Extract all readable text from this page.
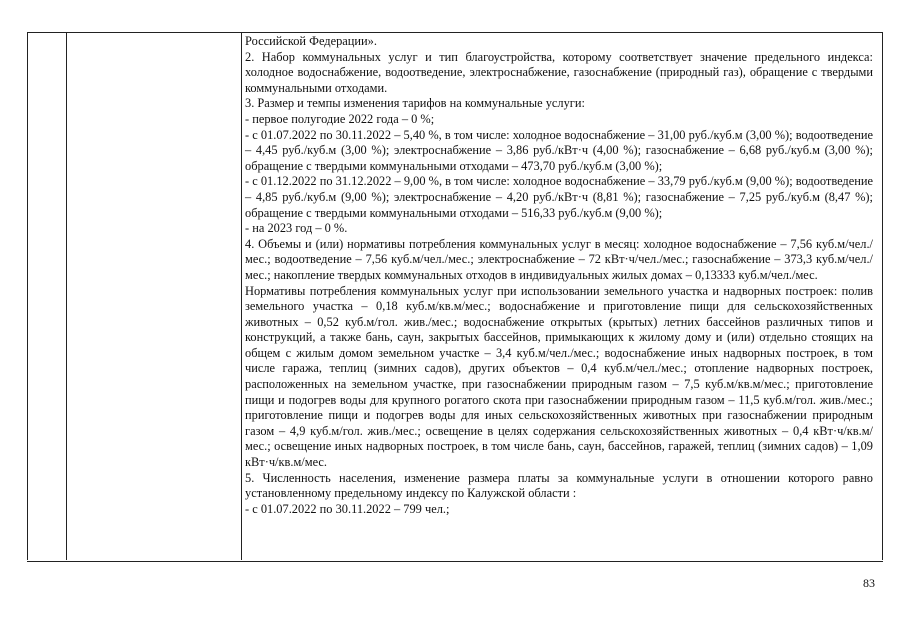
Российской Федерации».

2. Набор коммунальных услуг и тип благоустройства, которому соответствует значение предельного индекса: холодное водоснабжение, водоотведение, электроснабжение, газоснабжение (природный газ), обращение с твердыми коммунальными отходами.

3. Размер и темпы изменения тарифов на коммунальные услуги:

- первое полугодие 2022 года – 0 %;

- с 01.07.2022 по 30.11.2022 – 5,40 %, в том числе: холодное водоснабжение – 31,00 руб./куб.м (3,00 %); водоотведение – 4,45 руб./куб.м (3,00 %); электроснабжение – 3,86 руб./кВт·ч (4,00 %); газоснабжение – 6,68 руб./куб.м (3,00 %); обращение с твердыми коммунальными отходами – 473,70 руб./куб.м (3,00 %);

- с 01.12.2022 по 31.12.2022 – 9,00 %, в том числе: холодное водоснабжение – 33,79 руб./куб.м (9,00 %); водоотведение – 4,85 руб./куб.м (9,00 %); электроснабжение – 4,20 руб./кВт·ч (8,81 %); газоснабжение – 7,25 руб./куб.м (8,47 %); обращение с твердыми коммунальными отходами – 516,33 руб./куб.м (9,00 %);

- на 2023 год – 0 %.

4. Объемы и (или) нормативы потребления коммунальных услуг в месяц: холодное водоснабжение – 7,56 куб.м/чел./мес.; водоотведение – 7,56 куб.м/чел./мес.; электроснабжение – 72 кВт·ч/чел./мес.; газоснабжение – 373,3 куб.м/чел./мес.; накопление твердых коммунальных отходов в индивидуальных жилых домах – 0,13333 куб.м/чел./мес.

Нормативы потребления коммунальных услуг при использовании земельного участка и надворных построек: полив земельного участка – 0,18 куб.м/кв.м/мес.; водоснабжение и приготовление пищи для сельскохозяйственных животных – 0,52 куб.м/гол. жив./мес.; водоснабжение открытых (крытых) летних бассейнов различных типов и конструкций, а также бань, саун, закрытых бассейнов, примыкающих к жилому дому и (или) отдельно стоящих на общем с жилым домом земельном участке – 3,4 куб.м/чел./мес.; водоснабжение иных надворных построек, в том числе гаража, теплиц (зимних садов), других объектов – 0,4 куб.м/чел./мес.; отопление надворных построек, расположенных на земельном участке, при газоснабжении природным газом – 7,5 куб.м/кв.м/мес.; приготовление пищи и подогрев воды для крупного рогатого скота при газоснабжении природным газом – 11,5 куб.м/гол. жив./мес.; приготовление пищи и подогрев воды для иных сельскохозяйственных животных при газоснабжении природным газом – 4,9 куб.м/гол. жив./мес.; освещение в целях содержания сельскохозяйственных животных – 0,4 кВт·ч/кв.м/мес.; освещение иных надворных построек, в том числе бань, саун, бассейнов, гаражей, теплиц (зимних садов) – 1,09 кВт·ч/кв.м/мес.

5. Численность населения, изменение размера платы за коммунальные услуги в отношении которого равно установленному предельному индексу по Калужской области :

- с 01.07.2022 по 30.11.2022 – 799 чел.;

83
